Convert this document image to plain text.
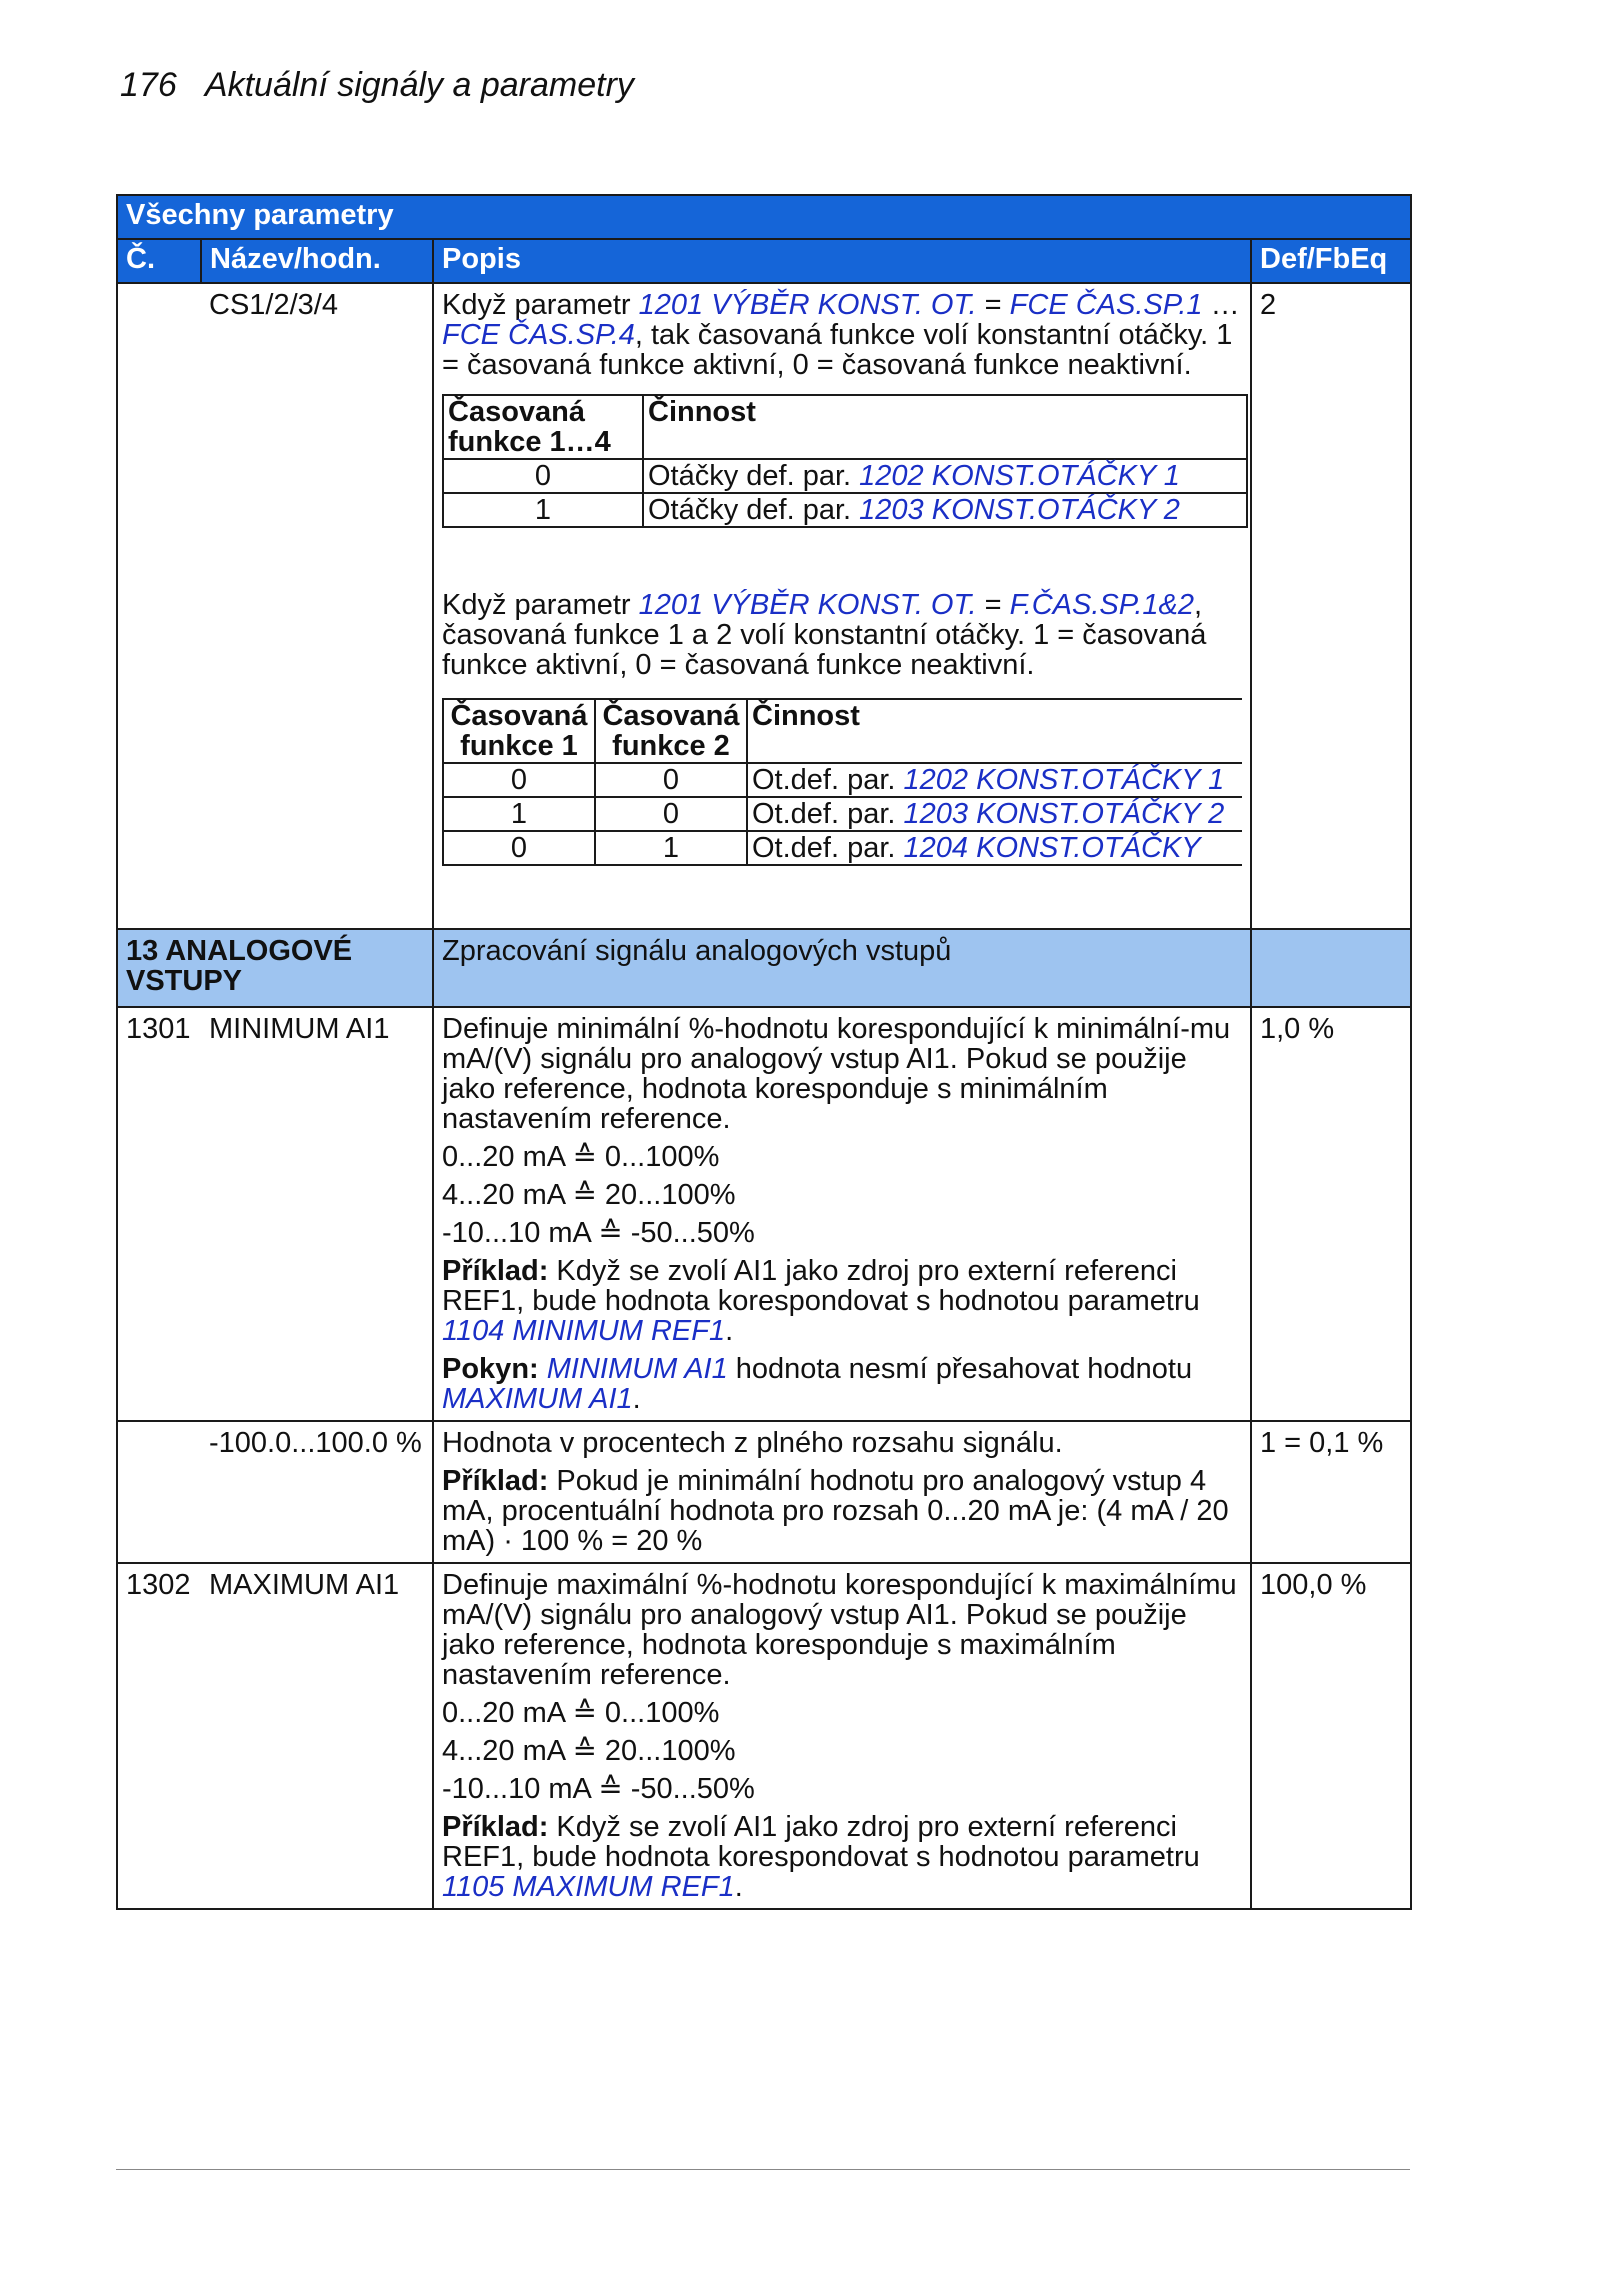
176 Aktuální signály a parametry
Všechny parametry
Č.	Název/hodn.	Popis	Def/FbEq
	CS1/2/3/4	Když parametr 1201 VÝBĚR KONST. OT. = FCE ČAS.SP.1 … FCE ČAS.SP.4, tak časovaná funkce volí konstantní otáčky. 1 = časovaná funkce aktivní, 0 = časovaná funkce neaktivní.
Časovaná funkce 1…4	Činnost
0	Otáčky def. par. 1202 KONST.OTÁČKY 1
1	Otáčky def. par. 1203 KONST.OTÁČKY 2
Když parametr 1201 VÝBĚR KONST. OT. = F.ČAS.SP.1&2, časovaná funkce 1 a 2 volí konstantní otáčky. 1 = časovaná funkce aktivní, 0 = časovaná funkce neaktivní.
Časovaná funkce 1	Časovaná funkce 2	Činnost
0	0	Ot.def. par. 1202 KONST.OTÁČKY 1
1	0	Ot.def. par. 1203 KONST.OTÁČKY 2
0	1	Ot.def. par. 1204 KONST.OTÁČKY
	2
13 ANALOGOVÉ VSTUPY	Zpracování signálu analogových vstupů	
1301	MINIMUM AI1	Definuje minimální %-hodnotu korespondující k minimální-mu mA/(V) signálu pro analogový vstup AI1. Pokud se použije jako reference, hodnota koresponduje s minimálním nastavením reference.
0...20 mA ≙ 0...100%
4...20 mA ≙ 20...100%
-10...10 mA ≙ -50...50%
Příklad: Když se zvolí AI1 jako zdroj pro externí referenci REF1, bude hodnota korespondovat s hodnotou parametru 1104 MINIMUM REF1.
Pokyn: MINIMUM AI1 hodnota nesmí přesahovat hodnotu MAXIMUM AI1.
	1,0 %
	-100.0...100.0 %	Hodnota v procentech z plného rozsahu signálu.
Příklad: Pokud je minimální hodnotu pro analogový vstup 4 mA, procentuální hodnota pro rozsah 0...20 mA je: (4 mA / 20 mA) · 100 % = 20 %
	1 = 0,1 %
1302	MAXIMUM AI1	Definuje maximální %-hodnotu korespondující k maximálnímu mA/(V) signálu pro analogový vstup AI1. Pokud se použije jako reference, hodnota koresponduje s maximálním nastavením reference.
0...20 mA ≙ 0...100%
4...20 mA ≙ 20...100%
-10...10 mA ≙ -50...50%
Příklad: Když se zvolí AI1 jako zdroj pro externí referenci REF1, bude hodnota korespondovat s hodnotou parametru 1105 MAXIMUM REF1.
	100,0 %
